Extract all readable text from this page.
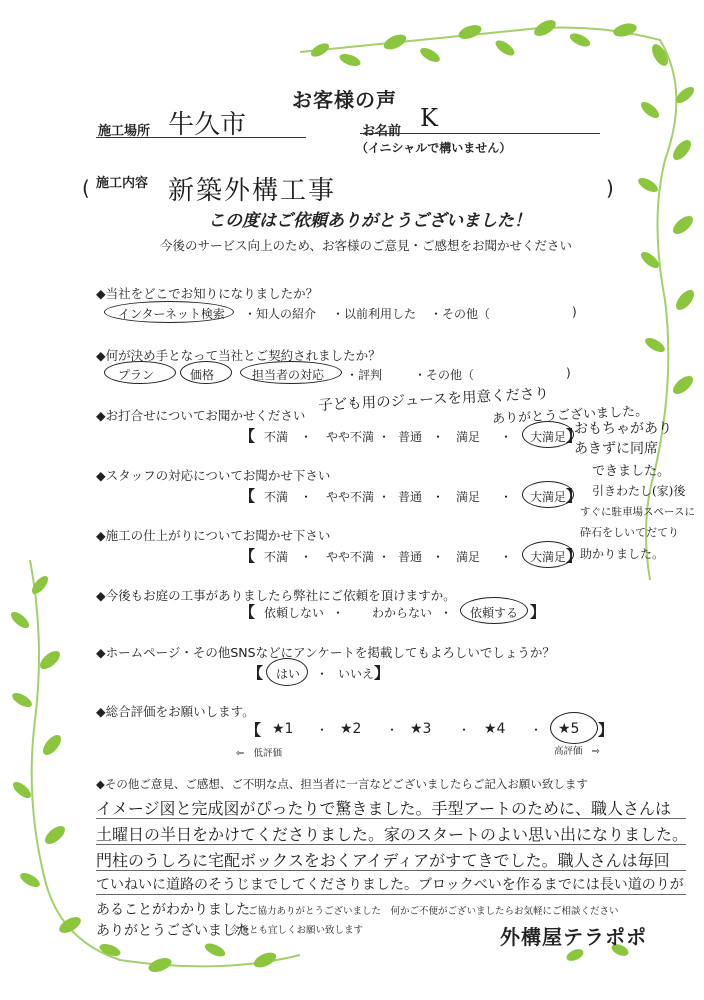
お客様の声
施工場所 牛久市	お名前 K
（イニシャルで構いません）
施工内容
(	新築外構工事	)
この度はご依頼ありがとうございました！
今後のサービス向上のため、お客様のご意見・ご感想をお聞かせください
◆当社をどこでお知りになりましたか？
インターネット検索 ・知人の紹介 ・以前利用した ・その他（	)
◆何が決め手となって当社とご契約されましたか？
プラン	価格	担当者の対応 ・評判	・その他（	)
子ども用のジュースを用意くださり
ありがとうございました。
◆お打合せについてお聞かせください
【 不満 ・ やや不満 ・ 普通 ・ 満足 ・ 大満足 】
おもちゃがあり
あきずに同席
できました。
◆スタッフの対応についてお聞かせ下さい
【 不満 ・ やや不満 ・ 普通 ・ 満足 ・ 大満足 】 引きわたし(家)後
すぐに駐車場スペースに
砕石をしいてだてり
助かりました。
◆施工の仕上がりについてお聞かせ下さい
【 不満 ・ やや不満 ・ 普通 ・ 満足 ・ 大満足 】
◆今後もお庭の工事がありましたら弊社にご依頼を頂けますか。
【 依頼しない ・ わからない ・ 依頼する 】
◆ホームページ・その他SNSなどにアンケートを掲載してもよろしいでしょうか？
【 はい ・ いいえ 】
◆総合評価をお願いします。
【 ★1 ・ ★2 ・ ★3 ・ ★4 ・ ★5 】
⇦　低評価	高評価　⇨
◆その他ご意見、ご感想、ご不明な点、担当者に一言などございましたらご記入お願い致します
イメージ図と完成図がぴったりで驚きました。手型アートのために、職人さんは
土曜日の半日をかけてくださりました。家のスタートのよい思い出になりました。
門柱のうしろに宅配ボックスをおくアイディアがすてきでした。職人さんは毎回
ていねいに道路のそうじまでしてくださりました。ブロックべいを作るまでには長い道のりが
あることがわかりました
ありがとうございました
ご協力ありがとうございました　何かご不便がございましたらお気軽にご相談ください
今後とも宜しくお願い致します	外構屋テラポポ
